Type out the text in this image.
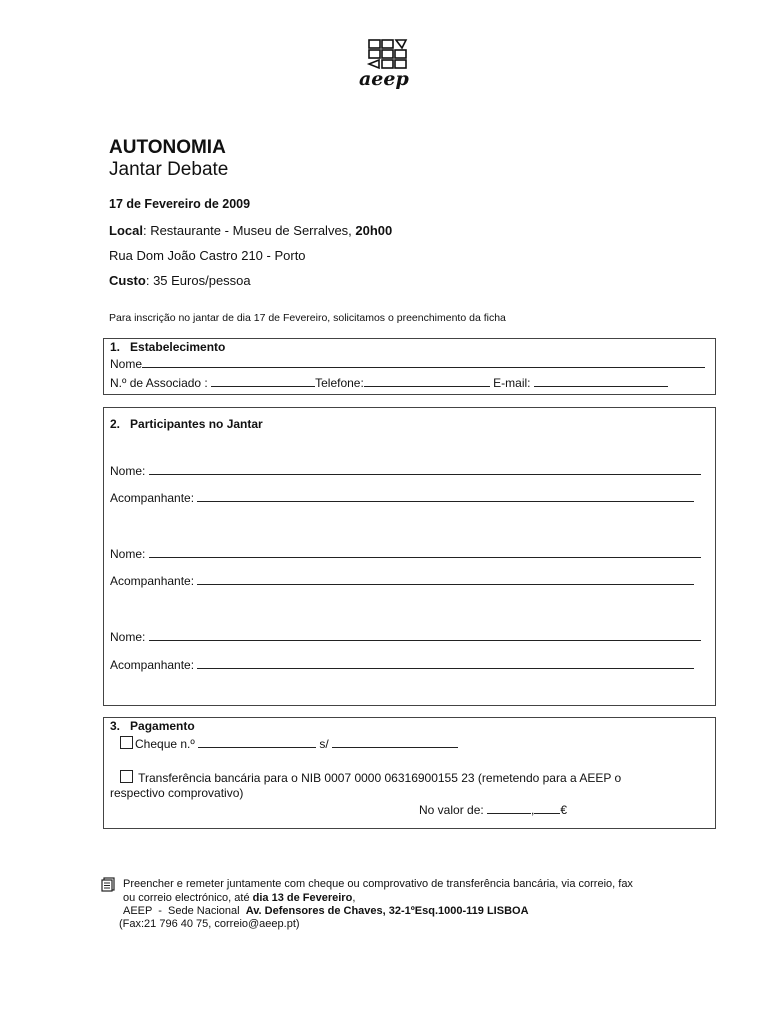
aeep
AUTONOMIA
Jantar Debate
17 de Fevereiro de 2009
Local: Restaurante - Museu de Serralves, 20h00
Rua Dom João Castro 210 - Porto
Custo: 35 Euros/pessoa
Para inscrição no jantar de dia 17 de Fevereiro, solicitamos o preenchimento da ficha
1.   Estabelecimento
Nome
N.º de Associado :	Telefone:	E-mail:
2.   Participantes no Jantar
Nome:
Acompanhante:
Nome:
Acompanhante:
Nome:
Acompanhante:
3.   Pagamento
Cheque n.º	s/
Transferência bancária para o NIB 0007 0000 06316900155 23 (remetendo para a AEEP o
respectivo comprovativo)
No valor de:	, €
Preencher e remeter juntamente com cheque ou comprovativo de transferência bancária, via correio, fax
ou correio electrónico, até dia 13 de Fevereiro,
AEEP  -  Sede Nacional  Av. Defensores de Chaves, 32-1ºEsq.1000-119 LISBOA
(Fax:21 796 40 75, correio@aeep.pt)
